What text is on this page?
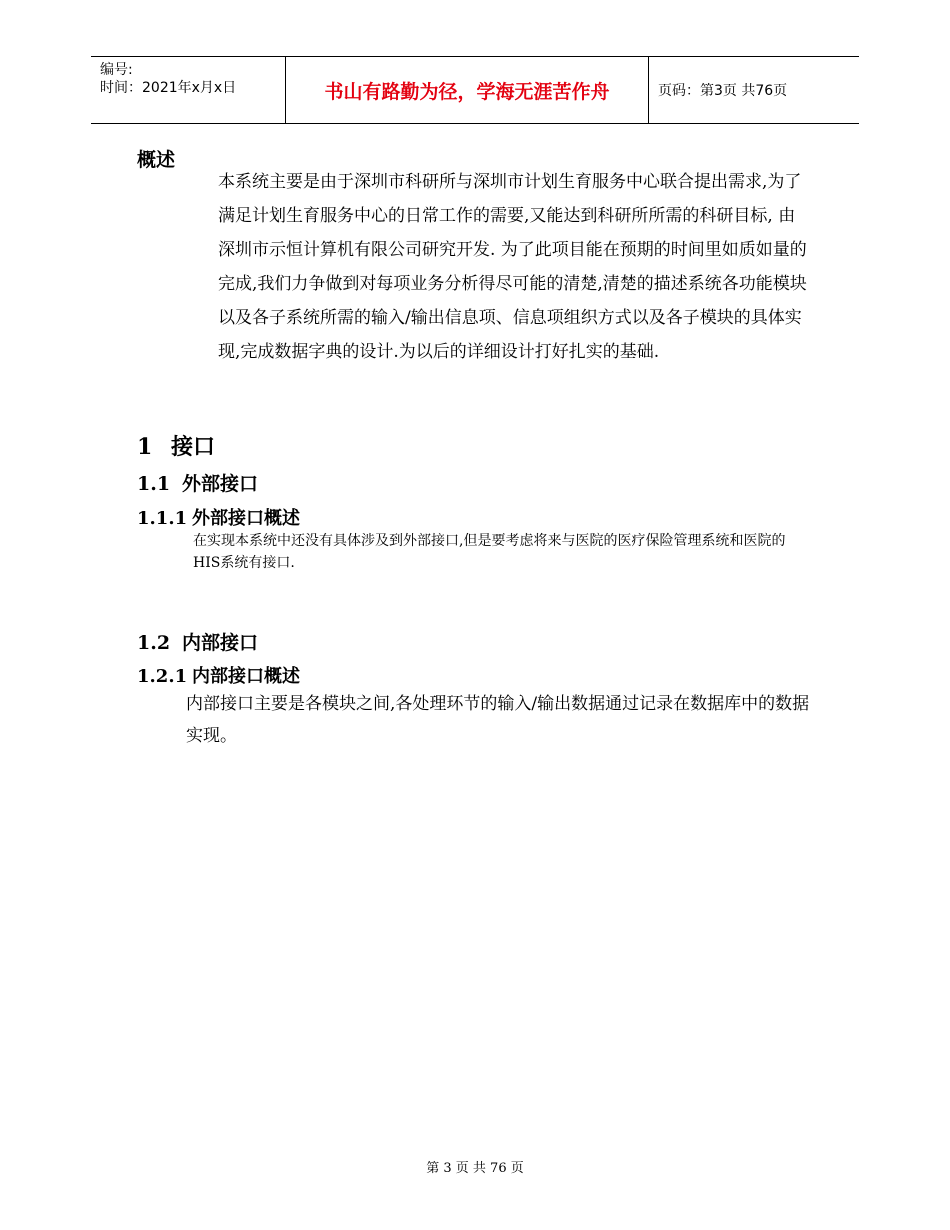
编号:
时间：2021年x月x日	书山有路勤为径，学海无涯苦作舟	页码：第3页 共76页
概述

本系统主要是由于深圳市科研所与深圳市计划生育服务中心联合提出需求,为了满足计划生育服务中心的日常工作的需要,又能达到科研所所需的科研目标, 由深圳市示恒计算机有限公司研究开发. 为了此项目能在预期的时间里如质如量的完成,我们力争做到对每项业务分析得尽可能的清楚,清楚的描述系统各功能模块以及各子系统所需的输入/输出信息项、信息项组织方式以及各子模块的具体实现,完成数据字典的设计.为以后的详细设计打好扎实的基础.

1 接口
1.1 外部接口
1.1.1 外部接口概述

在实现本系统中还没有具体涉及到外部接口,但是要考虑将来与医院的医疗保险管理系统和医院的HIS系统有接口.

1.2 内部接口
1.2.1 内部接口概述

内部接口主要是各模块之间,各处理环节的输入/输出数据通过记录在数据库中的数据实现。

第 3 页 共 76 页
